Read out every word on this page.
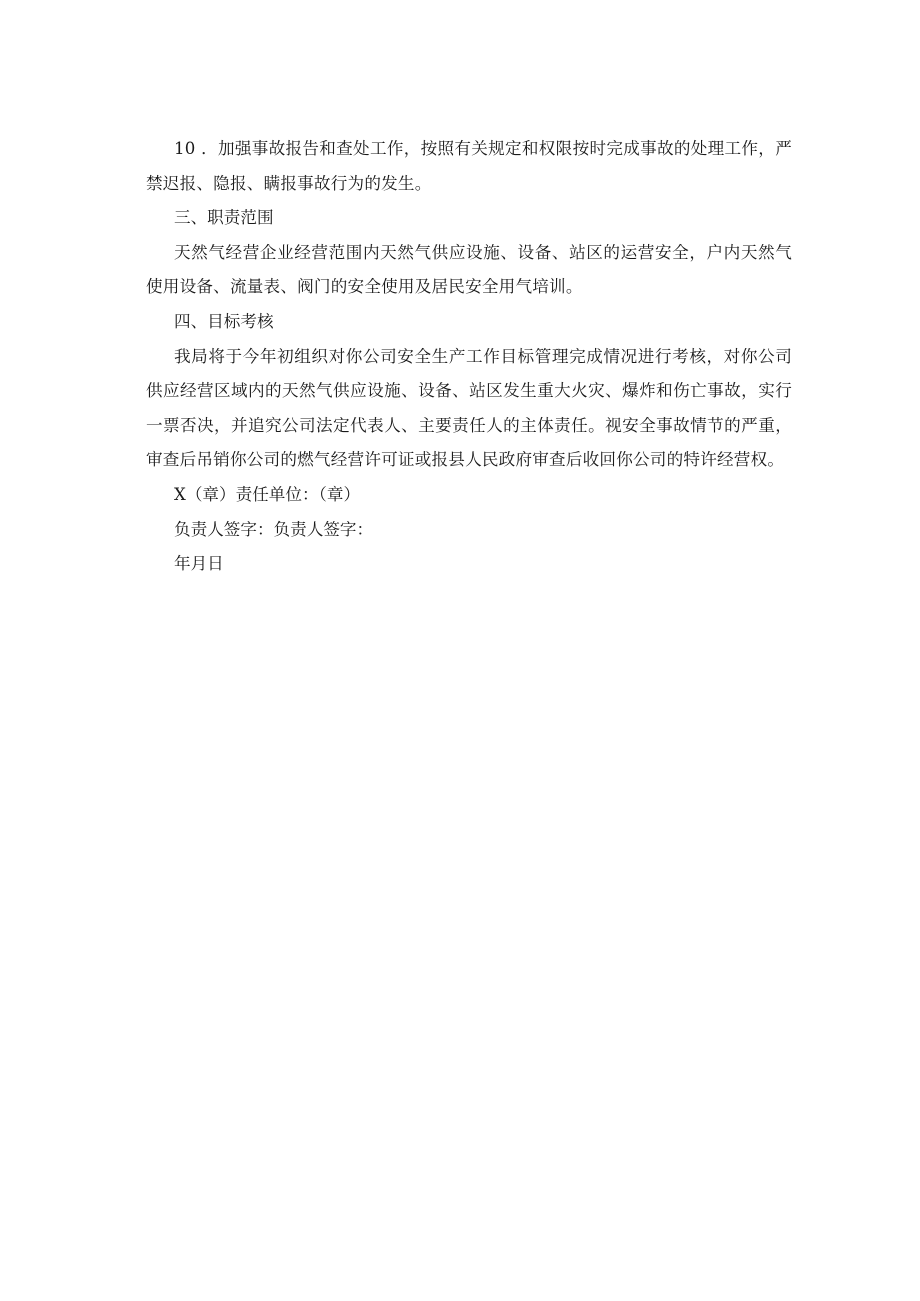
10 ．加强事故报告和查处工作，按照有关规定和权限按时完成事故的处理工作，严禁迟报、隐报、瞒报事故行为的发生。

三、职责范围

天然气经营企业经营范围内天然气供应设施、设备、站区的运营安全，户内天然气使用设备、流量表、阀门的安全使用及居民安全用气培训。

四、目标考核

我局将于今年初组织对你公司安全生产工作目标管理完成情况进行考核，对你公司供应经营区域内的天然气供应设施、设备、站区发生重大火灾、爆炸和伤亡事故，实行一票否决，并追究公司法定代表人、主要责任人的主体责任。视安全事故情节的严重，审查后吊销你公司的燃气经营许可证或报县人民政府审查后收回你公司的特许经营权。

X（章）责任单位：（章）

负责人签字：负责人签字：

年月日
